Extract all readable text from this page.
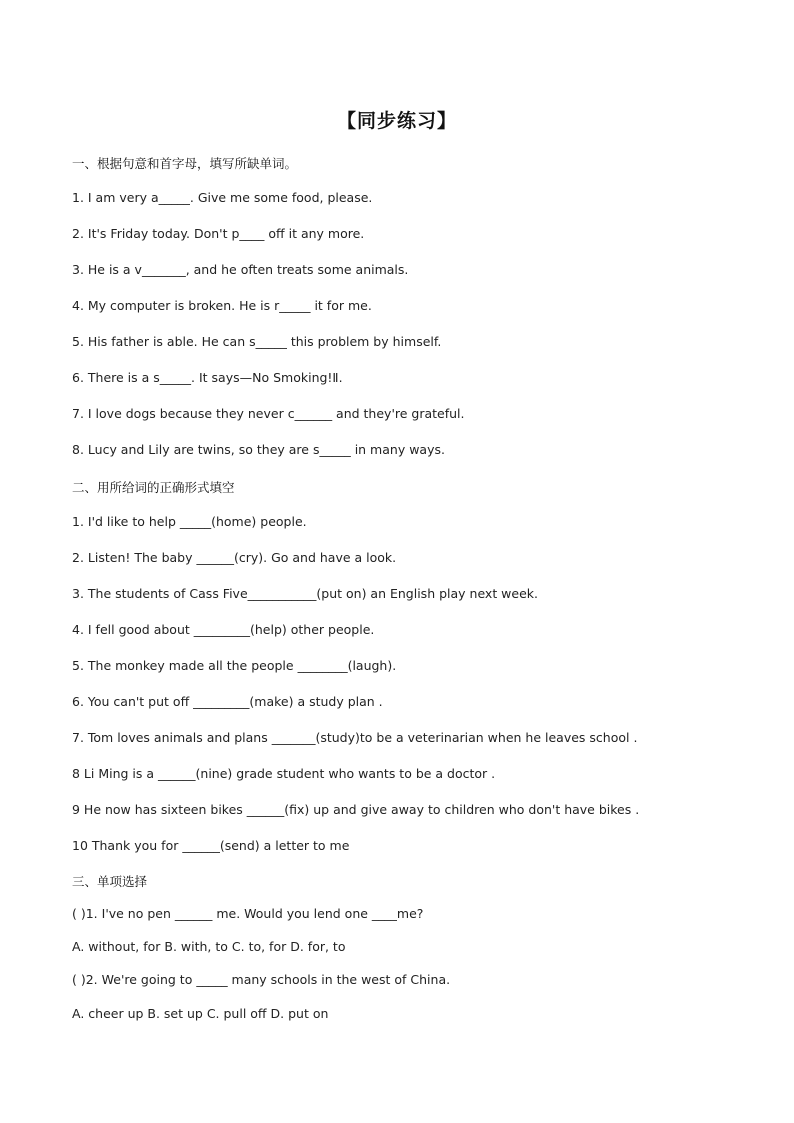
【同步练习】
一、根据句意和首字母，填写所缺单词。
1. I am very a_____. Give me some food, please.
2. It's Friday today. Don't p____ off it any more.
3. He is a v_______, and he often treats some animals.
4. My computer is broken. He is r_____ it for me.
5. His father is able. He can s_____ this problem by himself.
6. There is a s_____. It says—No Smoking!Ⅱ.
7. I love dogs because they never c______ and they're grateful.
8. Lucy and Lily are twins, so they are s_____ in many ways.
二、用所给词的正确形式填空
1. I'd like to help _____(home) people.
2. Listen! The baby ______(cry). Go and have a look.
3. The students of Cass Five___________(put on) an English play next week.
4. I fell good about _________(help) other people.
5. The monkey made all the people ________(laugh).
6. You can't put off _________(make) a study plan .
7. Tom loves animals and plans _______(study)to be a veterinarian when he leaves school .
8 Li Ming is a ______(nine) grade student who wants to be a doctor .
9 He now has sixteen bikes ______(fix) up and give away to children who don't have bikes .
10 Thank you for ______(send) a letter to me
三、单项选择
( )1. I've no pen ______ me. Would you lend one ____me?
A. without, for B. with, to C. to, for D. for, to
( )2. We're going to _____ many schools in the west of China.
A. cheer up B. set up C. pull off D. put on
